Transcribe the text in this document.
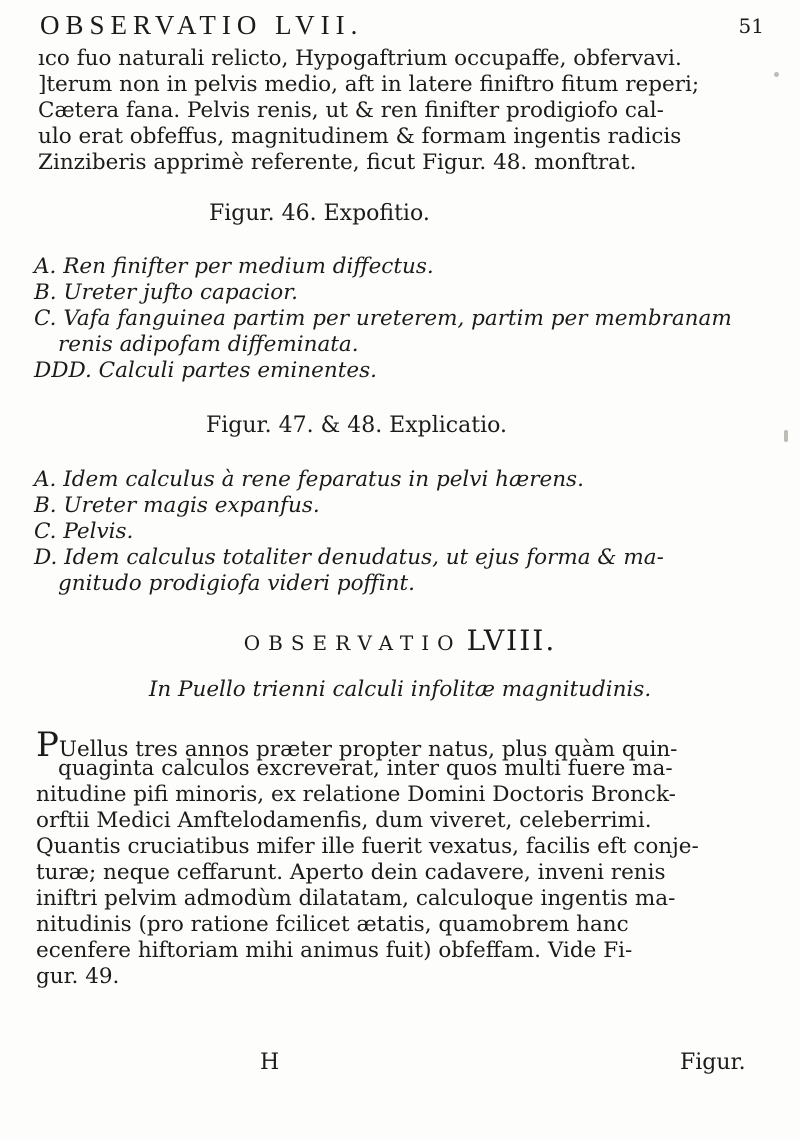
OBSERVATIO LVII.	51
ıco fuo naturali relicto, Hypogaftrium occupaffe, obfervavi.
]terum non in pelvis medio, aft in latere finiftro fitum reperi;
Cætera fana. Pelvis renis, ut & ren finifter prodigiofo cal-
ulo erat obfeffus, magnitudinem & formam ingentis radicis
Zinziberis apprimè referente, ficut Figur. 48. monftrat.
Figur. 46. Expofitio.
A. Ren finifter per medium diffectus.
B. Ureter jufto capacior.
C. Vafa fanguinea partim per ureterem, partim per membranam
renis adipofam diffeminata.
DDD. Calculi partes eminentes.
Figur. 47. & 48. Explicatio.
A. Idem calculus à rene feparatus in pelvi hærens.
B. Ureter magis expanfus.
C. Pelvis.
D. Idem calculus totaliter denudatus, ut ejus forma & ma-
gnitudo prodigiofa videri poffint.
OBSERVATIO LVIII.
In Puello trienni calculi infolitæ magnitudinis.
PUellus tres annos præter propter natus, plus quàm quin-
quaginta calculos excreverat, inter quos multi fuere ma-
nitudine pifi minoris, ex relatione Domini Doctoris Bronck-
orftii Medici Amftelodamenfis, dum viveret, celeberrimi.
Quantis cruciatibus mifer ille fuerit vexatus, facilis eft conje-
turæ; neque ceffarunt. Aperto dein cadavere, inveni renis
iniftri pelvim admodùm dilatatam, calculoque ingentis ma-
nitudinis (pro ratione fcilicet ætatis, quamobrem hanc
ecenfere hiftoriam mihi animus fuit) obfeffam. Vide Fi-
gur. 49.
H	Figur.
